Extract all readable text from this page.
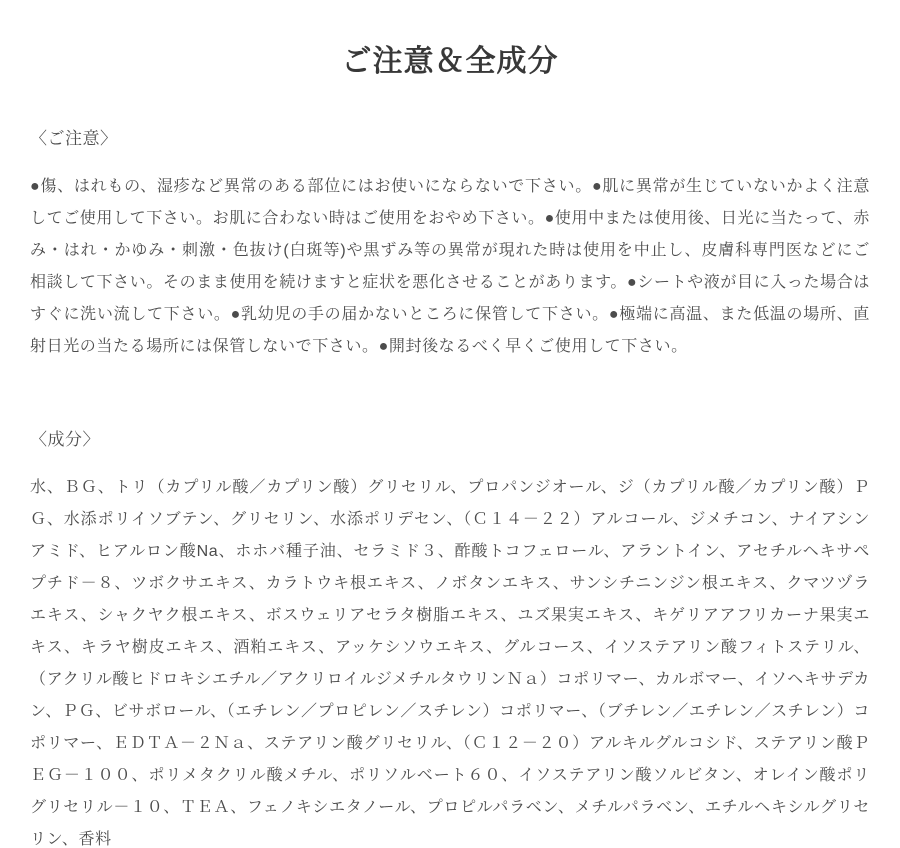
ご注意＆全成分
〈ご注意〉

●傷、はれもの、湿疹など異常のある部位にはお使いにならないで下さい。●肌に異常が生じていないかよく注意してご使用して下さい。お肌に合わない時はご使用をおやめ下さい。●使用中または使用後、日光に当たって、赤み・はれ・かゆみ・刺激・色抜け(白斑等)や黒ずみ等の異常が現れた時は使用を中止し、皮膚科専門医などにご相談して下さい。そのまま使用を続けますと症状を悪化させることがあります。●シートや液が目に入った場合はすぐに洗い流して下さい。●乳幼児の手の届かないところに保管して下さい。●極端に高温、また低温の場所、直射日光の当たる場所には保管しないで下さい。●開封後なるべく早くご使用して下さい。

〈成分〉

水、ＢＧ、トリ（カプリル酸／カプリン酸）グリセリル、プロパンジオール、ジ（カプリル酸／カプリン酸）ＰＧ、水添ポリイソブテン、グリセリン、水添ポリデセン、（Ｃ１４－２２）アルコール、ジメチコン、ナイアシンアミド、ヒアルロン酸Na、ホホバ種子油、セラミド３、酢酸トコフェロール、アラントイン、アセチルヘキサペプチド－８、ツボクサエキス、カラトウキ根エキス、ノボタンエキス、サンシチニンジン根エキス、クマツヅラエキス、シャクヤク根エキス、ボスウェリアセラタ樹脂エキス、ユズ果実エキス、キゲリアアフリカーナ果実エキス、キラヤ樹皮エキス、酒粕エキス、アッケシソウエキス、グルコース、イソステアリン酸フィトステリル、（アクリル酸ヒドロキシエチル／アクリロイルジメチルタウリンＮａ）コポリマー、カルボマー、イソヘキサデカン、ＰＧ、ビサボロール、（エチレン／プロピレン／スチレン）コポリマー、（ブチレン／エチレン／スチレン）コポリマー、ＥＤＴＡ－２Ｎａ、ステアリン酸グリセリル、（Ｃ１２－２０）アルキルグルコシド、ステアリン酸ＰＥＧ－１００、ポリメタクリル酸メチル、ポリソルベート６０、イソステアリン酸ソルビタン、オレイン酸ポリグリセリル－１０、ＴＥＡ、フェノキシエタノール、プロピルパラベン、メチルパラベン、エチルヘキシルグリセリン、香料
